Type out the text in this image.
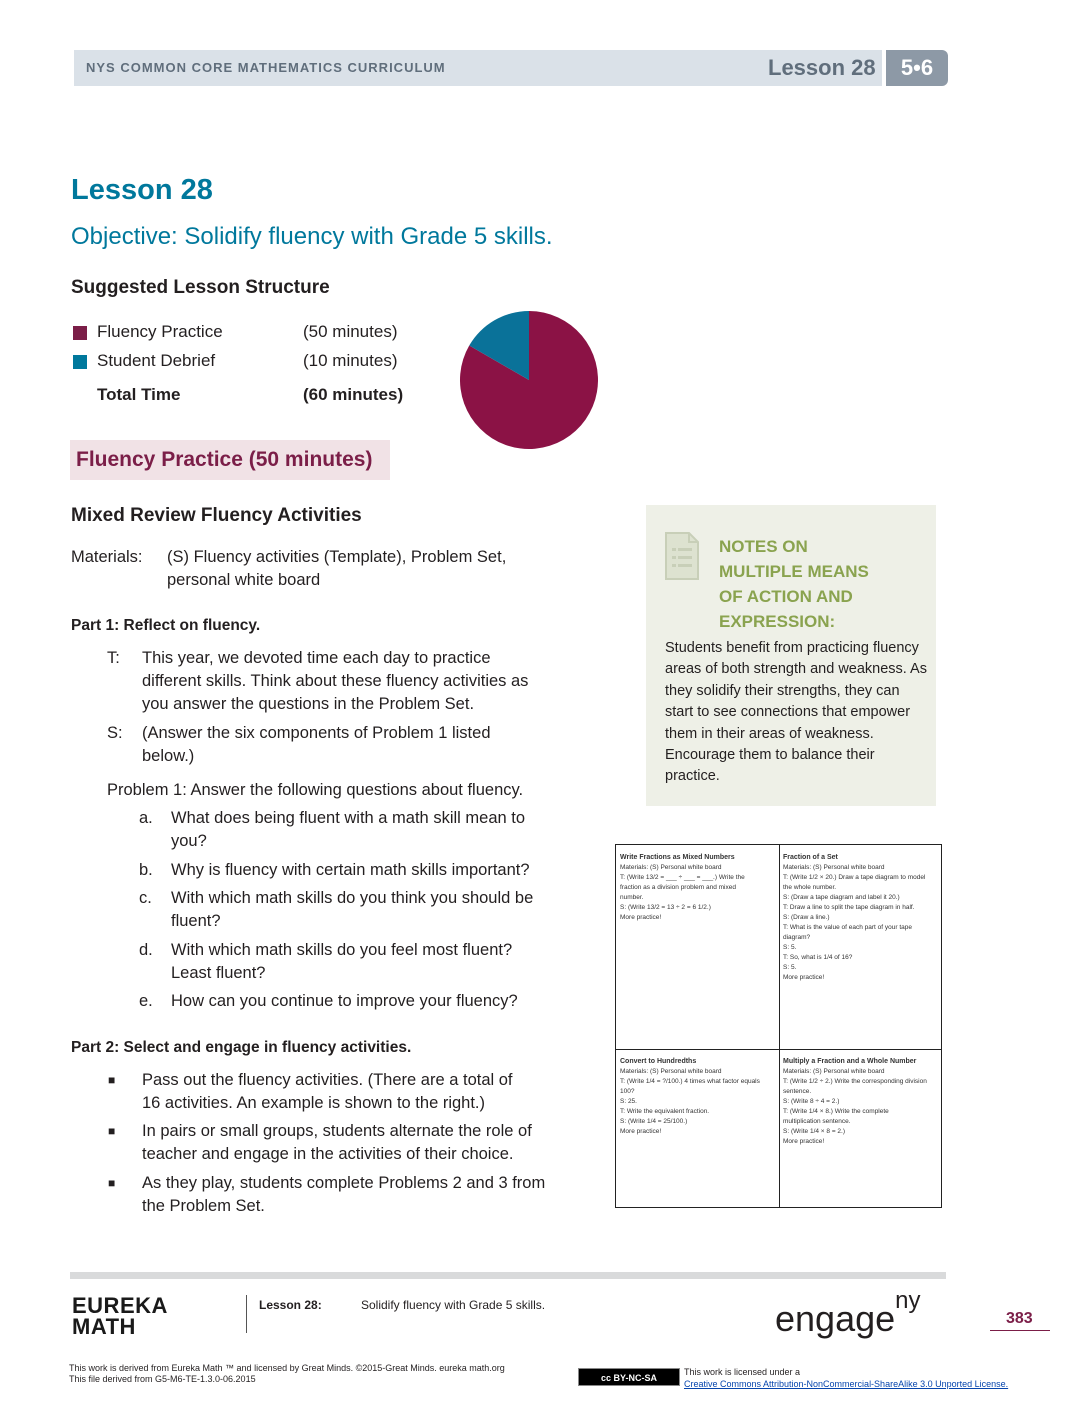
NYS COMMON CORE MATHEMATICS CURRICULUM	Lesson 28	5•6
Lesson 28
Objective: Solidify fluency with Grade 5 skills.
Suggested Lesson Structure
Fluency Practice	(50 minutes)
Student Debrief	(10 minutes)
Total Time	(60 minutes)
Fluency Practice (50 minutes)
Mixed Review Fluency Activities
Materials: (S) Fluency activities (Template), Problem Set,
personal white board
Part 1: Reflect on fluency.
T: This year, we devoted time each day to practice
different skills. Think about these fluency activities as
you answer the questions in the Problem Set.
S: (Answer the six components of Problem 1 listed
below.)
Problem 1: Answer the following questions about fluency.
a. What does being fluent with a math skill mean to
you?
b. Why is fluency with certain math skills important?
c. With which math skills do you think you should be
fluent?
d. With which math skills do you feel most fluent?
Least fluent?
e. How can you continue to improve your fluency?
Part 2: Select and engage in fluency activities.
■ Pass out the fluency activities. (There are a total of
16 activities. An example is shown to the right.)
■ In pairs or small groups, students alternate the role of
teacher and engage in the activities of their choice.
■ As they play, students complete Problems 2 and 3 from
the Problem Set.
NOTES ON
MULTIPLE MEANS
OF ACTION AND
EXPRESSION:
Students benefit from practicing fluency areas of both strength and weakness. As they solidify their strengths, they can start to see connections that empower them in their areas of weakness. Encourage them to balance their practice.
Write Fractions as Mixed Numbers
Materials: (S) Personal white board
T: (Write 13/2 = ___ ÷ ___ = ___.) Write the
fraction as a division problem and mixed
number.
S: (Write 13/2 = 13 ÷ 2 = 6 1/2.)
More practice!
Fraction of a Set
Materials: (S) Personal white board
T: (Write 1/2 × 20.) Draw a tape diagram to model
the whole number.
S: (Draw a tape diagram and label it 20.)
T: Draw a line to split the tape diagram in half.
S: (Draw a line.)
T: What is the value of each part of your tape
diagram?
S: 5.
T: So, what is 1/4 of 16?
S: 5.
More practice!
Convert to Hundredths
Materials: (S) Personal white board
T: (Write 1/4 = ?/100.) 4 times what factor equals
100?
S: 25.
T: Write the equivalent fraction.
S: (Write 1/4 = 25/100.)
More practice!
Multiply a Fraction and a Whole Number
Materials: (S) Personal white board
T: (Write 1/2 ÷ 2.) Write the corresponding division
sentence.
S: (Write 8 ÷ 4 = 2.)
T: (Write 1/4 × 8.) Write the complete
multiplication sentence.
S: (Write 1/4 × 8 = 2.)
More practice!
EUREKA
MATH
Lesson 28:	Solidify fluency with Grade 5 skills.	engage$^{ny}$
383
This work is derived from Eureka Math ™ and licensed by Great Minds. ©2015-Great Minds. eureka math.org
This file derived from G5-M6-TE-1.3.0-06.2015	cc BY-NC-SA
This work is licensed under a
Creative Commons Attribution-NonCommercial-ShareAlike 3.0 Unported License.
